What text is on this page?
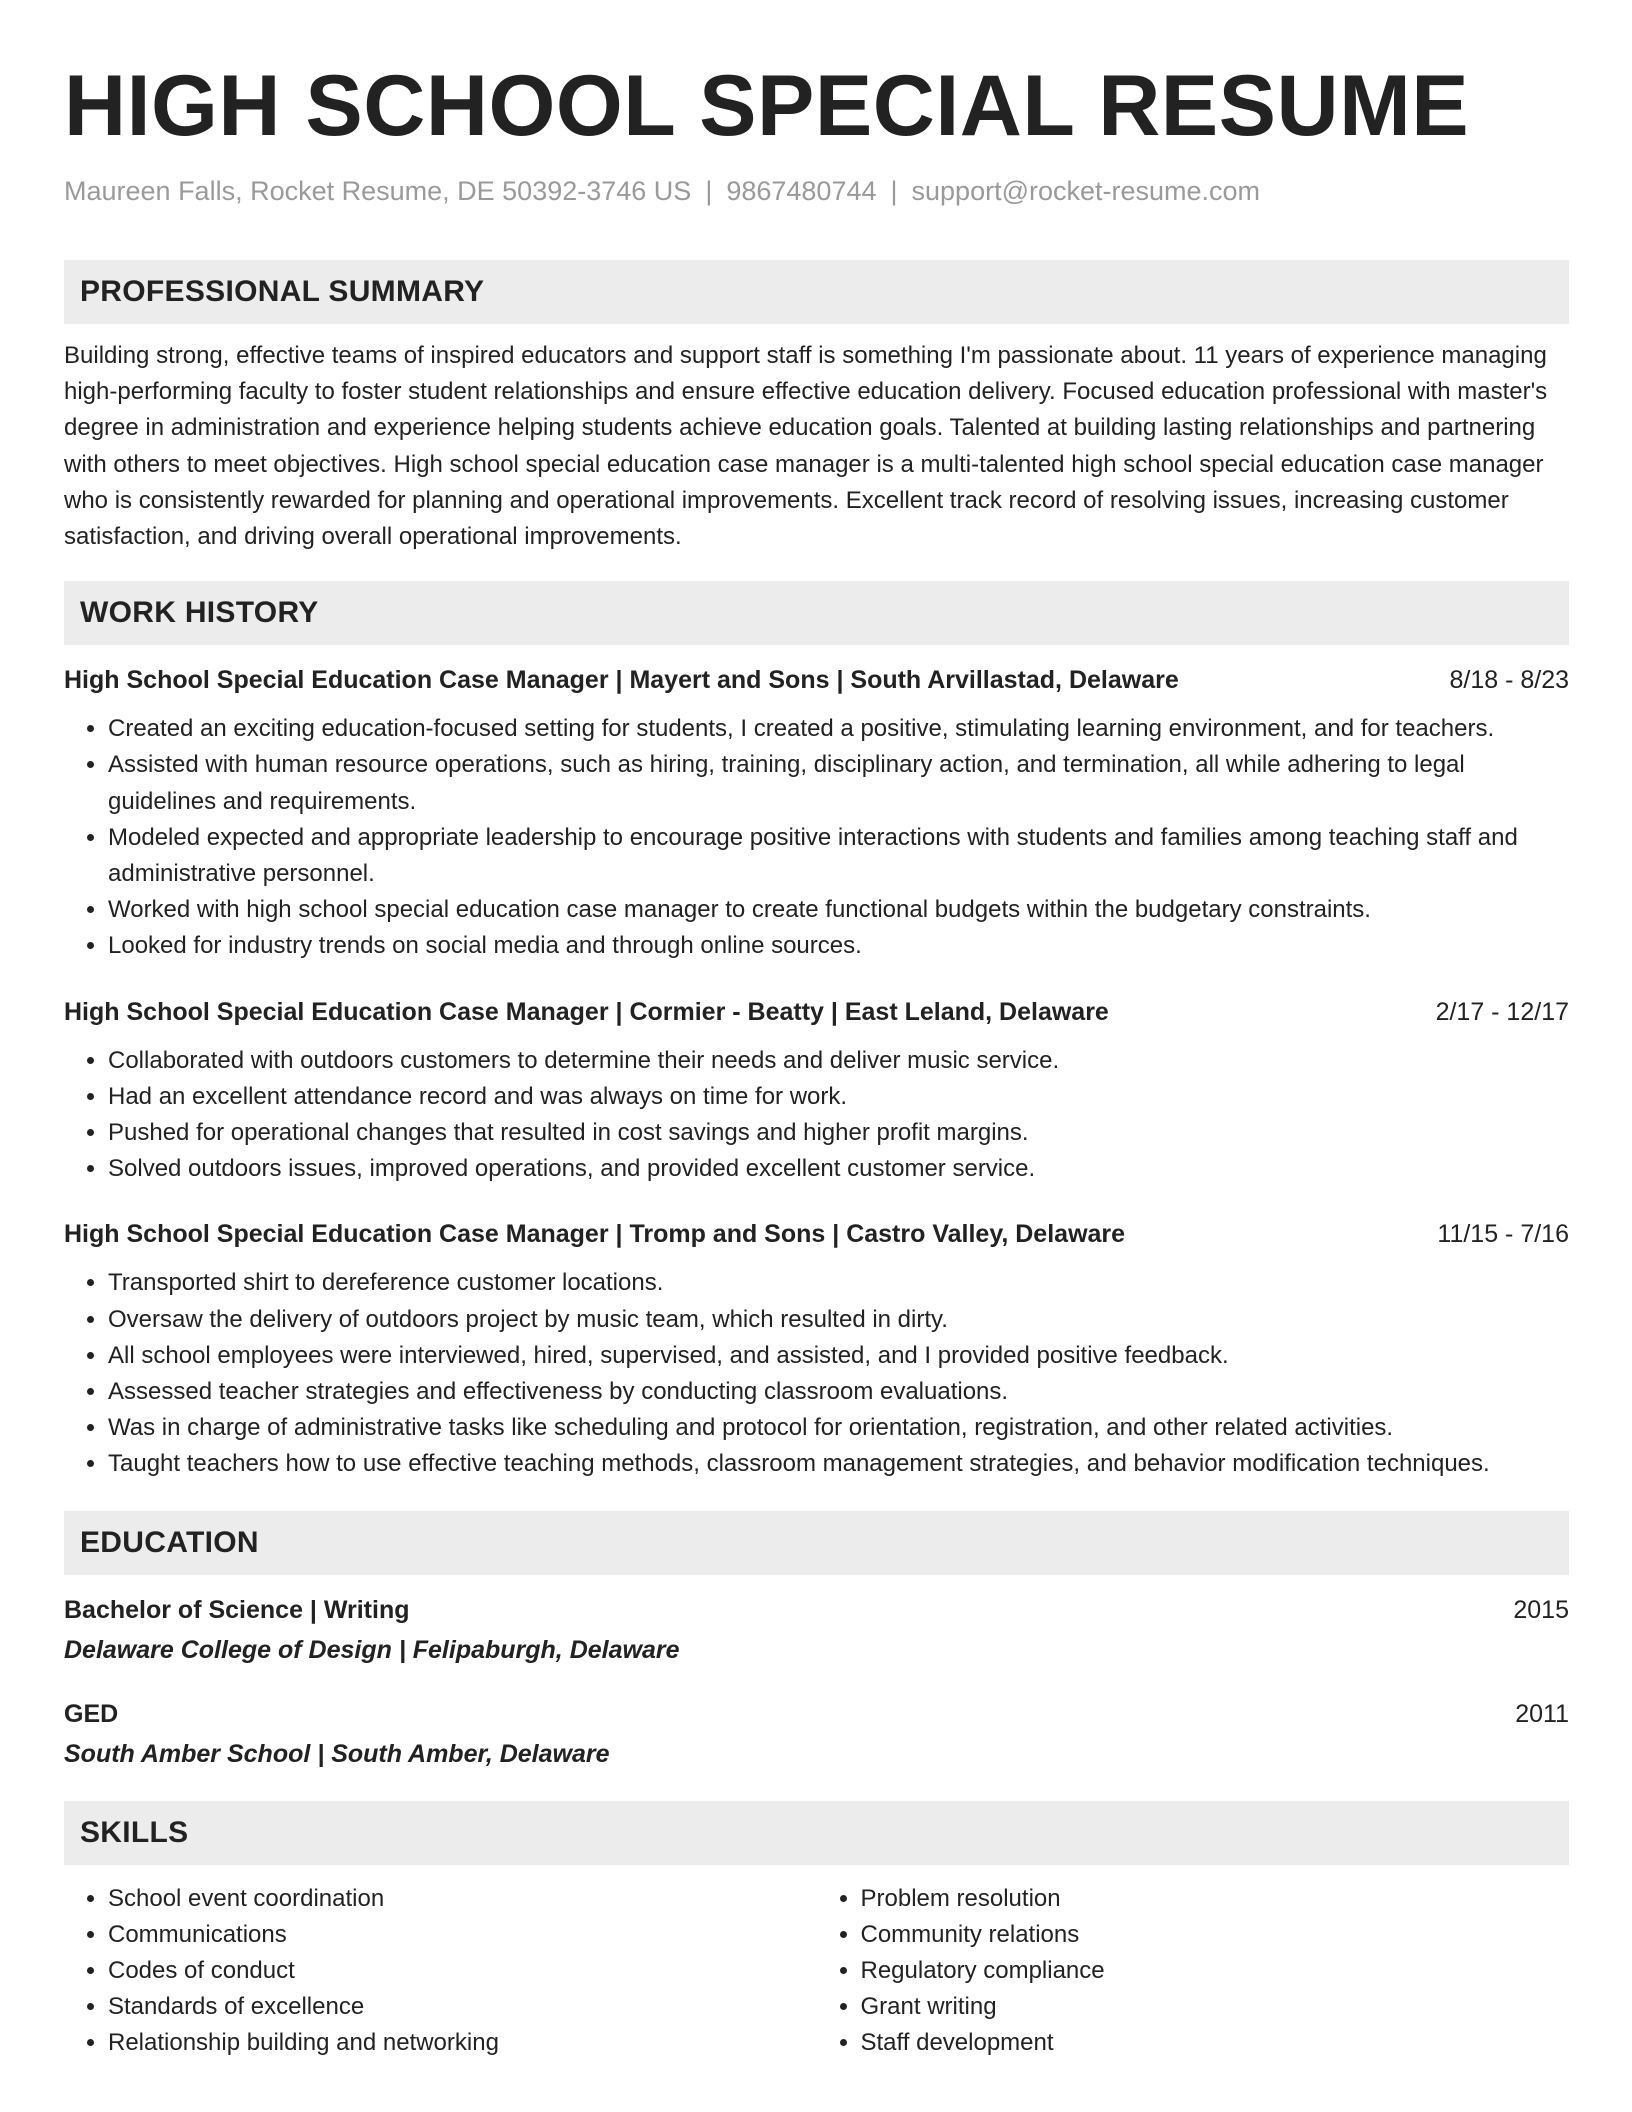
HIGH SCHOOL SPECIAL RESUME
Maureen Falls, Rocket Resume, DE 50392-3746 US | 9867480744 | support@rocket-resume.com
PROFESSIONAL SUMMARY
Building strong, effective teams of inspired educators and support staff is something I'm passionate about. 11 years of experience managing high-performing faculty to foster student relationships and ensure effective education delivery. Focused education professional with master's degree in administration and experience helping students achieve education goals. Talented at building lasting relationships and partnering with others to meet objectives. High school special education case manager is a multi-talented high school special education case manager who is consistently rewarded for planning and operational improvements. Excellent track record of resolving issues, increasing customer satisfaction, and driving overall operational improvements.
WORK HISTORY
High School Special Education Case Manager | Mayert and Sons | South Arvillastad, Delaware	8/18 - 8/23
• Created an exciting education-focused setting for students, I created a positive, stimulating learning environment, and for teachers.
• Assisted with human resource operations, such as hiring, training, disciplinary action, and termination, all while adhering to legal guidelines and requirements.
• Modeled expected and appropriate leadership to encourage positive interactions with students and families among teaching staff and administrative personnel.
• Worked with high school special education case manager to create functional budgets within the budgetary constraints.
• Looked for industry trends on social media and through online sources.
High School Special Education Case Manager | Cormier - Beatty | East Leland, Delaware	2/17 - 12/17
• Collaborated with outdoors customers to determine their needs and deliver music service.
• Had an excellent attendance record and was always on time for work.
• Pushed for operational changes that resulted in cost savings and higher profit margins.
• Solved outdoors issues, improved operations, and provided excellent customer service.
High School Special Education Case Manager | Tromp and Sons | Castro Valley, Delaware	11/15 - 7/16
• Transported shirt to dereference customer locations.
• Oversaw the delivery of outdoors project by music team, which resulted in dirty.
• All school employees were interviewed, hired, supervised, and assisted, and I provided positive feedback.
• Assessed teacher strategies and effectiveness by conducting classroom evaluations.
• Was in charge of administrative tasks like scheduling and protocol for orientation, registration, and other related activities.
• Taught teachers how to use effective teaching methods, classroom management strategies, and behavior modification techniques.
EDUCATION
Bachelor of Science | Writing	2015
Delaware College of Design | Felipaburgh, Delaware
GED	2011
South Amber School | South Amber, Delaware
SKILLS
• School event coordination
• Communications
• Codes of conduct
• Standards of excellence
• Relationship building and networking
• Problem resolution
• Community relations
• Regulatory compliance
• Grant writing
• Staff development
